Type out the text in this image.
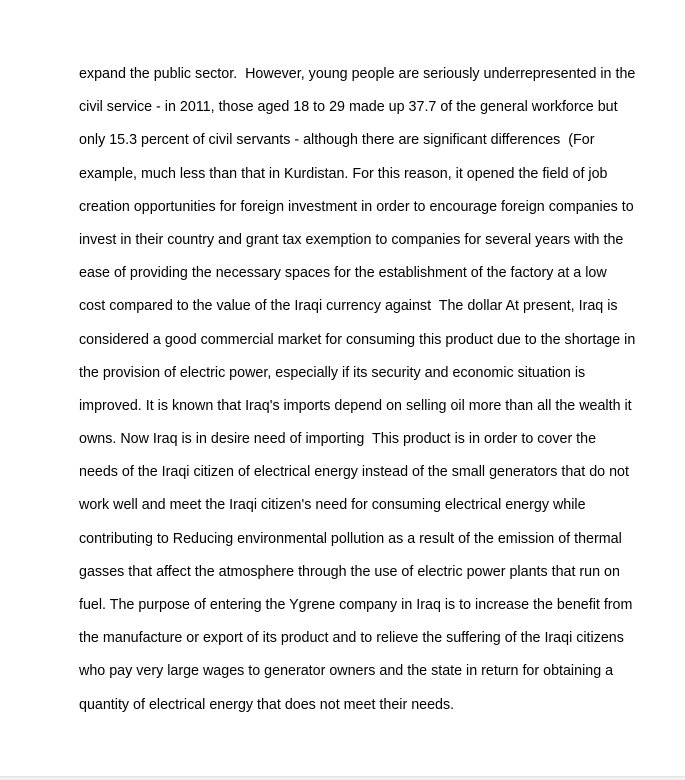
expand the public sector.  However, young people are seriously underrepresented in the
civil service - in 2011, those aged 18 to 29 made up 37.7 of the general workforce but
only 15.3 percent of civil servants - although there are significant differences  (For
example, much less than that in Kurdistan. For this reason, it opened the field of job
creation opportunities for foreign investment in order to encourage foreign companies to
invest in their country and grant tax exemption to companies for several years with the
ease of providing the necessary spaces for the establishment of the factory at a low
cost compared to the value of the Iraqi currency against  The dollar At present, Iraq is
considered a good commercial market for consuming this product due to the shortage in
the provision of electric power, especially if its security and economic situation is
improved. It is known that Iraq's imports depend on selling oil more than all the wealth it
owns. Now Iraq is in desire need of importing  This product is in order to cover the
needs of the Iraqi citizen of electrical energy instead of the small generators that do not
work well and meet the Iraqi citizen's need for consuming electrical energy while
contributing to Reducing environmental pollution as a result of the emission of thermal
gasses that affect the atmosphere through the use of electric power plants that run on
fuel. The purpose of entering the Ygrene company in Iraq is to increase the benefit from
the manufacture or export of its product and to relieve the suffering of the Iraqi citizens
who pay very large wages to generator owners and the state in return for obtaining a
quantity of electrical energy that does not meet their needs.
